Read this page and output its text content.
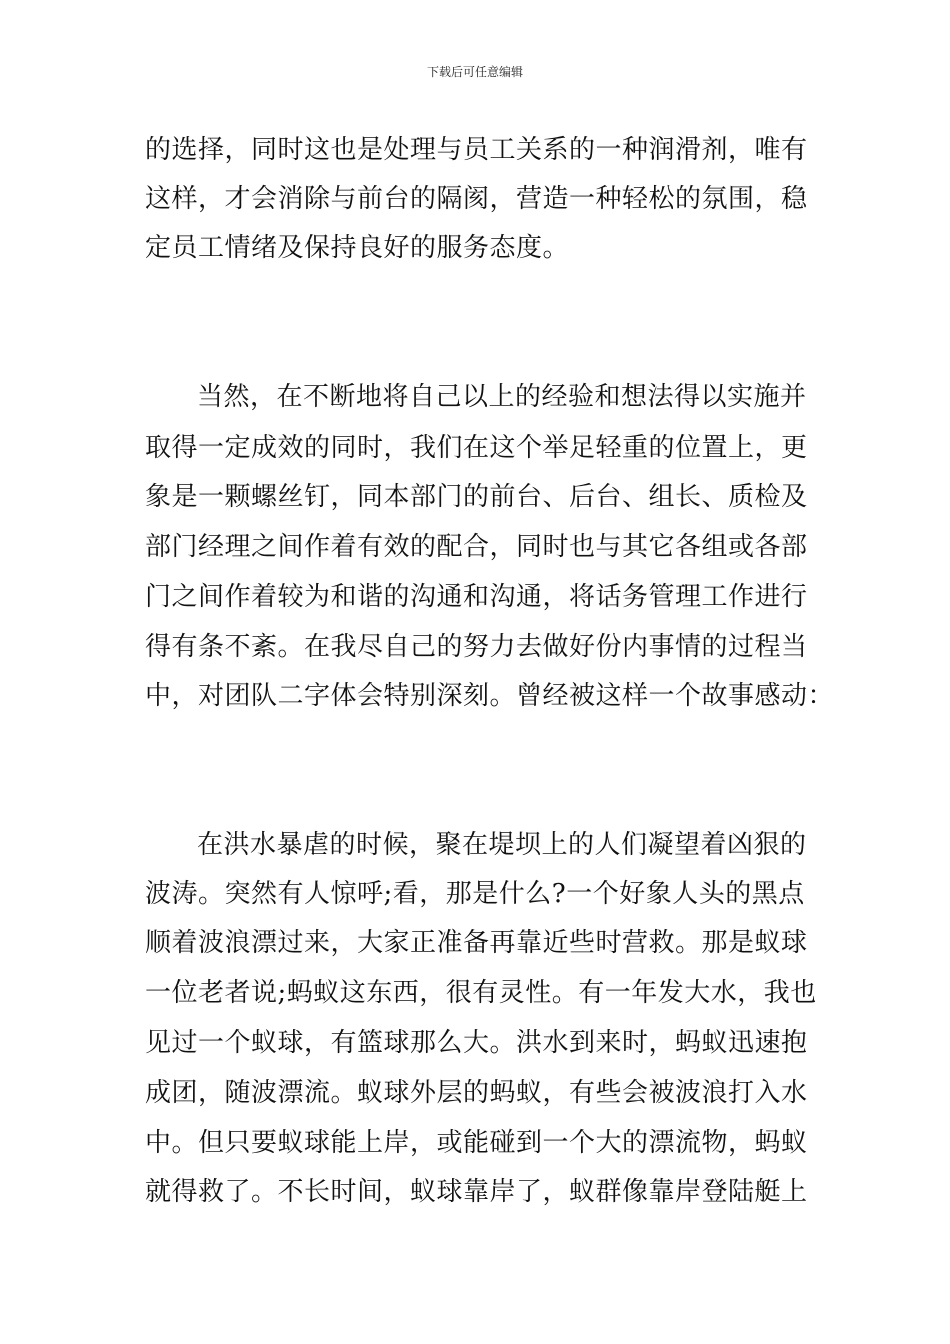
下载后可任意编辑
的选择，同时这也是处理与员工关系的一种润滑剂，唯有
这样，才会消除与前台的隔阂，营造一种轻松的氛围，稳
定员工情绪及保持良好的服务态度。
当然，在不断地将自己以上的经验和想法得以实施并
取得一定成效的同时，我们在这个举足轻重的位置上，更
象是一颗螺丝钉，同本部门的前台、后台、组长、质检及
部门经理之间作着有效的配合，同时也与其它各组或各部
门之间作着较为和谐的沟通和沟通，将话务管理工作进行
得有条不紊。在我尽自己的努力去做好份内事情的过程当
中，对团队二字体会特别深刻。曾经被这样一个故事感动：
在洪水暴虐的时候，聚在堤坝上的人们凝望着凶狠的
波涛。突然有人惊呼;看，那是什么?一个好象人头的黑点
顺着波浪漂过来，大家正准备再靠近些时营救。那是蚁球
一位老者说;蚂蚁这东西，很有灵性。有一年发大水，我也
见过一个蚁球，有篮球那么大。洪水到来时，蚂蚁迅速抱
成团，随波漂流。蚁球外层的蚂蚁，有些会被波浪打入水
中。但只要蚁球能上岸，或能碰到一个大的漂流物，蚂蚁
就得救了。不长时间，蚁球靠岸了，蚁群像靠岸登陆艇上
